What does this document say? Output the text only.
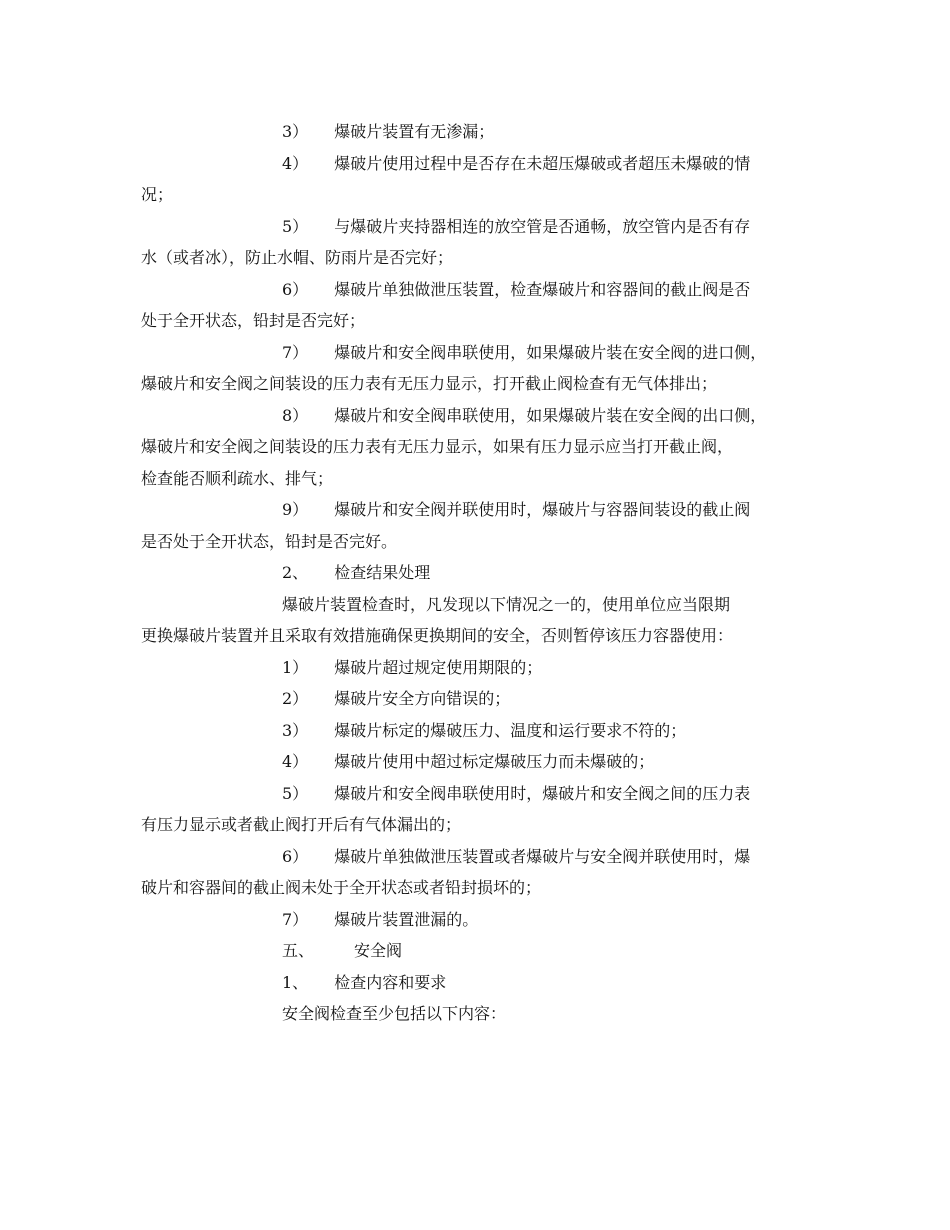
3） 爆破片装置有无渗漏；
4） 爆破片使用过程中是否存在未超压爆破或者超压未爆破的情
况；
5） 与爆破片夹持器相连的放空管是否通畅，放空管内是否有存
水（或者冰），防止水帽、防雨片是否完好；
6） 爆破片单独做泄压装置，检查爆破片和容器间的截止阀是否
处于全开状态，铅封是否完好；
7） 爆破片和安全阀串联使用，如果爆破片装在安全阀的进口侧，
爆破片和安全阀之间装设的压力表有无压力显示，打开截止阀检查有无气体排出；
8） 爆破片和安全阀串联使用，如果爆破片装在安全阀的出口侧，
爆破片和安全阀之间装设的压力表有无压力显示，如果有压力显示应当打开截止阀，
检查能否顺利疏水、排气；
9） 爆破片和安全阀并联使用时，爆破片与容器间装设的截止阀
是否处于全开状态，铅封是否完好。
2、 检查结果处理
爆破片装置检查时，凡发现以下情况之一的，使用单位应当限期
更换爆破片装置并且采取有效措施确保更换期间的安全，否则暂停该压力容器使用：
1） 爆破片超过规定使用期限的；
2） 爆破片安全方向错误的；
3） 爆破片标定的爆破压力、温度和运行要求不符的；
4） 爆破片使用中超过标定爆破压力而未爆破的；
5） 爆破片和安全阀串联使用时，爆破片和安全阀之间的压力表
有压力显示或者截止阀打开后有气体漏出的；
6） 爆破片单独做泄压装置或者爆破片与安全阀并联使用时，爆
破片和容器间的截止阀未处于全开状态或者铅封损坏的；
7） 爆破片装置泄漏的。
五、	安全阀
1、 检查内容和要求
安全阀检查至少包括以下内容：
